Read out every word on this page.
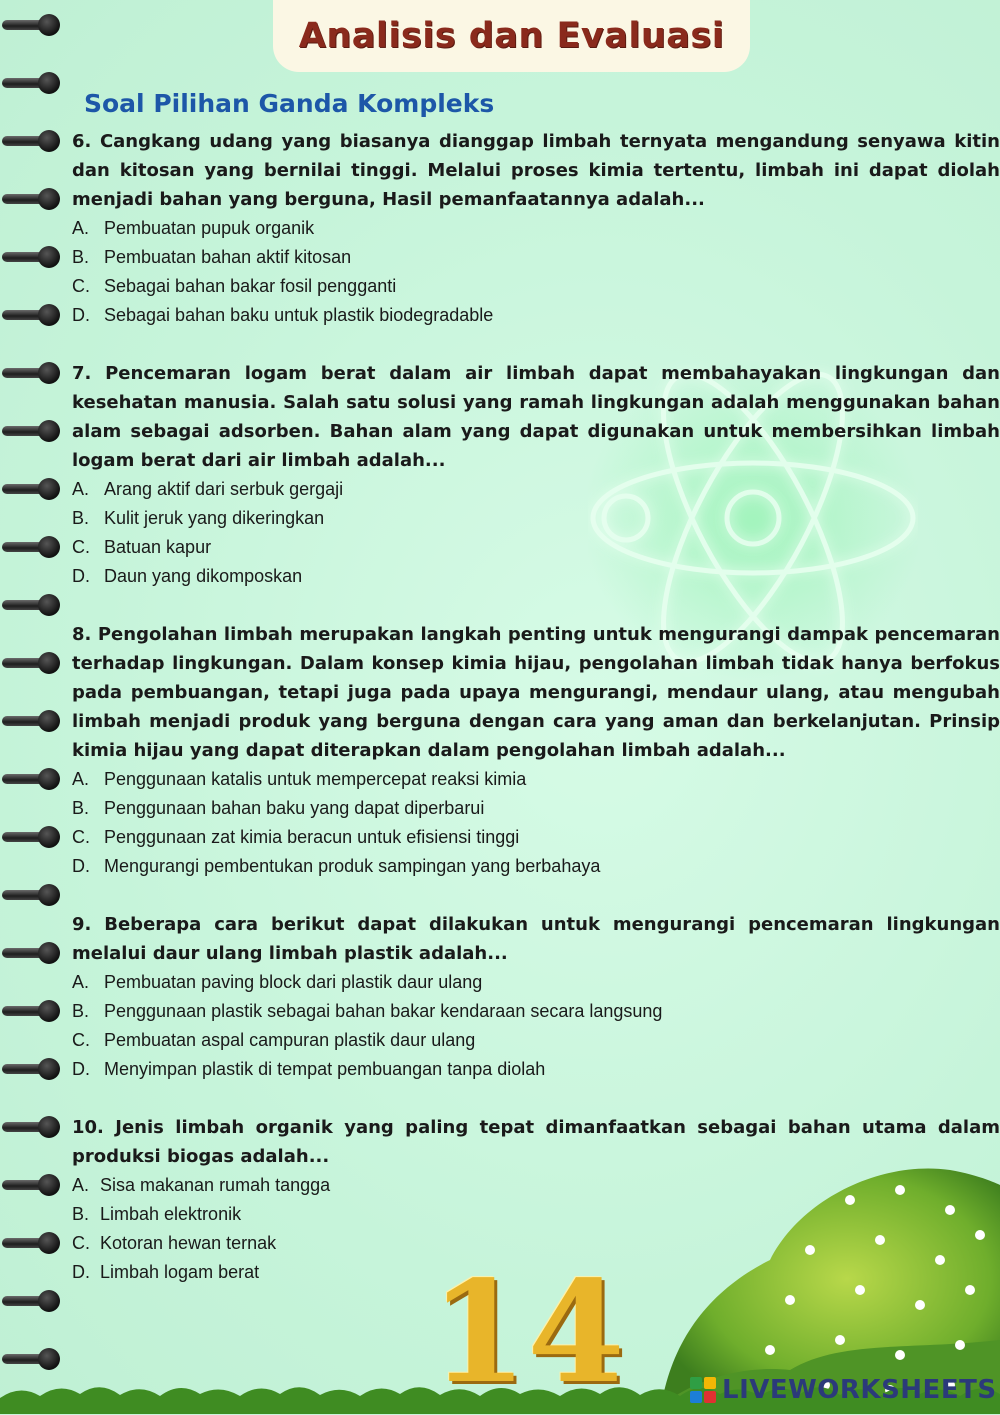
Analisis dan Evaluasi
Soal Pilihan Ganda Kompleks

6. Cangkang udang yang biasanya dianggap limbah ternyata mengandung senyawa kitin dan kitosan yang bernilai tinggi. Melalui proses kimia tertentu, limbah ini dapat diolah menjadi bahan yang berguna, Hasil pemanfaatannya adalah...

A. Pembuatan pupuk organik
B. Pembuatan bahan aktif kitosan
C. Sebagai bahan bakar fosil pengganti
D. Sebagai bahan baku untuk plastik biodegradable

7. Pencemaran logam berat dalam air limbah dapat membahayakan lingkungan dan kesehatan manusia. Salah satu solusi yang ramah lingkungan adalah menggunakan bahan alam sebagai adsorben. Bahan alam yang dapat digunakan untuk membersihkan limbah logam berat dari air limbah adalah...

A. Arang aktif dari serbuk gergaji
B. Kulit jeruk yang dikeringkan
C. Batuan kapur
D. Daun yang dikomposkan

8. Pengolahan limbah merupakan langkah penting untuk mengurangi dampak pencemaran terhadap lingkungan. Dalam konsep kimia hijau, pengolahan limbah tidak hanya berfokus pada pembuangan, tetapi juga pada upaya mengurangi, mendaur ulang, atau mengubah limbah menjadi produk yang berguna dengan cara yang aman dan berkelanjutan. Prinsip kimia hijau yang dapat diterapkan dalam pengolahan limbah adalah...

A. Penggunaan katalis untuk mempercepat reaksi kimia
B. Penggunaan bahan baku yang dapat diperbarui
C. Penggunaan zat kimia beracun untuk efisiensi tinggi
D. Mengurangi pembentukan produk sampingan yang berbahaya

9. Beberapa cara berikut dapat dilakukan untuk mengurangi pencemaran lingkungan melalui daur ulang limbah plastik adalah...

A. Pembuatan paving block dari plastik daur ulang
B. Penggunaan plastik sebagai bahan bakar kendaraan secara langsung
C. Pembuatan aspal campuran plastik daur ulang
D. Menyimpan plastik di tempat pembuangan tanpa diolah

10. Jenis limbah organik yang paling tepat dimanfaatkan sebagai bahan utama dalam produksi biogas adalah...

A. Sisa makanan rumah tangga
B. Limbah elektronik
C. Kotoran hewan ternak
D. Limbah logam berat	14	LIVEWORKSHEETS
